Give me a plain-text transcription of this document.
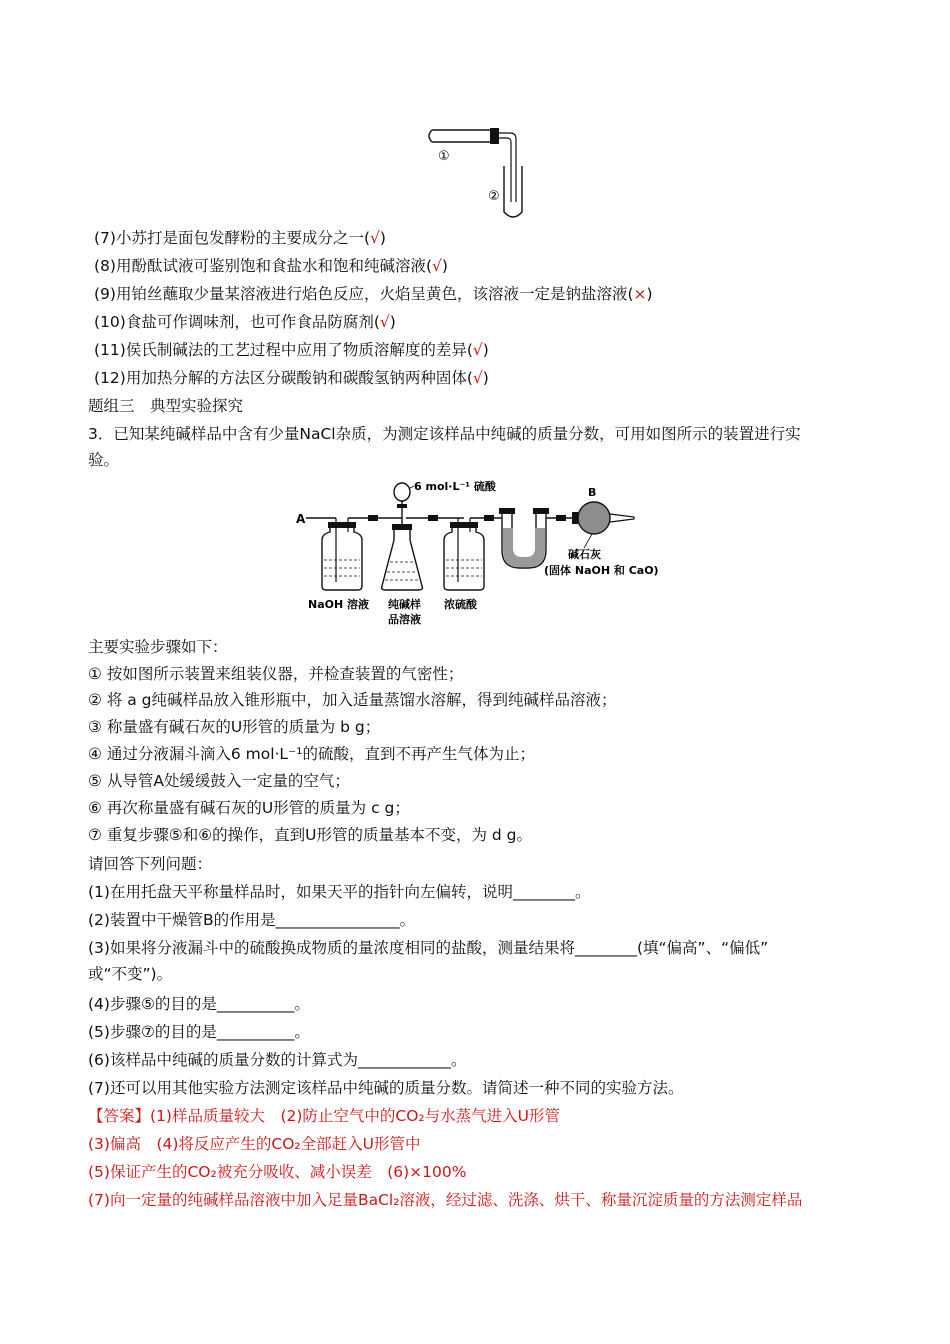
①
②
(7)小苏打是面包发酵粉的主要成分之一(√)
(8)用酚酞试液可鉴别饱和食盐水和饱和纯碱溶液(√)
(9)用铂丝蘸取少量某溶液进行焰色反应，火焰呈黄色，该溶液一定是钠盐溶液(×)
(10)食盐可作调味剂，也可作食品防腐剂(√)
(11)侯氏制碱法的工艺过程中应用了物质溶解度的差异(√)
(12)用加热分解的方法区分碳酸钠和碳酸氢钠两种固体(√)
题组三　典型实验探究
3．已知某纯碱样品中含有少量NaCl杂质，为测定该样品中纯碱的质量分数，可用如图所示的装置进行实
验。
A
6 mol·L⁻¹ 硫酸	B
碱石灰
(固体 NaOH 和 CaO)
NaOH 溶液 纯碱样
品溶液
浓硫酸
主要实验步骤如下：
① 按如图所示装置来组装仪器，并检查装置的气密性；
② 将 a g纯碱样品放入锥形瓶中，加入适量蒸馏水溶解，得到纯碱样品溶液；
③ 称量盛有碱石灰的U形管的质量为 b g；
④ 通过分液漏斗滴入6 mol·L⁻¹的硫酸，直到不再产生气体为止；
⑤ 从导管A处缓缓鼓入一定量的空气；
⑥ 再次称量盛有碱石灰的U形管的质量为 c g；
⑦ 重复步骤⑤和⑥的操作，直到U形管的质量基本不变，为 d g。
请回答下列问题：
(1)在用托盘天平称量样品时，如果天平的指针向左偏转，说明________。
(2)装置中干燥管B的作用是________________。
(3)如果将分液漏斗中的硫酸换成物质的量浓度相同的盐酸，测量结果将________(填“偏高”、“偏低”
或“不变”)。
(4)步骤⑤的目的是__________。
(5)步骤⑦的目的是__________。
(6)该样品中纯碱的质量分数的计算式为____________。
(7)还可以用其他实验方法测定该样品中纯碱的质量分数。请简述一种不同的实验方法。
【答案】(1)样品质量较大　(2)防止空气中的CO₂与水蒸气进入U形管
(3)偏高　(4)将反应产生的CO₂全部赶入U形管中
(5)保证产生的CO₂被充分吸收、减小误差　(6)×100%
(7)向一定量的纯碱样品溶液中加入足量BaCl₂溶液，经过滤、洗涤、烘干、称量沉淀质量的方法测定样品
